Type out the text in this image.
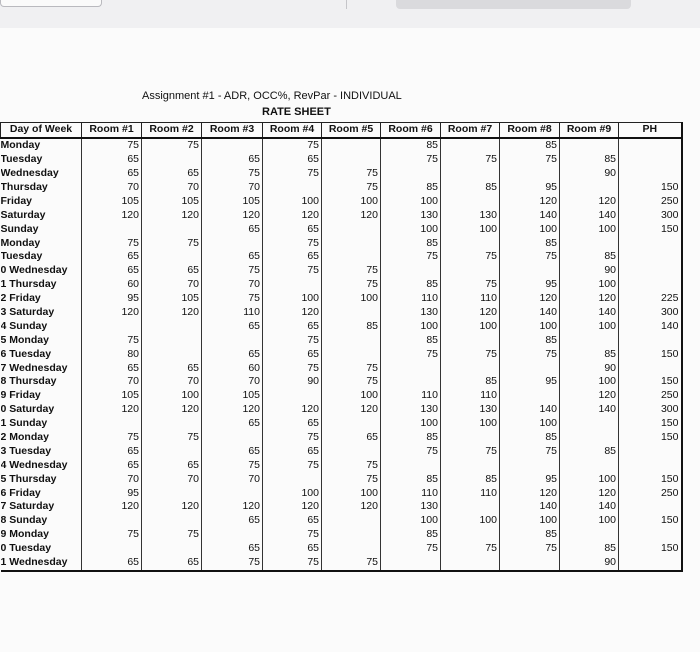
Assignment #1 - ADR, OCC%, RevPar - INDIVIDUAL
RATE SHEET
Day of Week	Room #1	Room #2	Room #3	Room #4	Room #5	Room #6	Room #7	Room #8	Room #9	PH
Monday	75	75		75		85		85		
Tuesday	65		65	65		75	75	75	85	
Wednesday	65	65	75	75	75				90	
Thursday	70	70	70		75	85	85	95		150
Friday	105	105	105	100	100	100		120	120	250
Saturday	120	120	120	120	120	130	130	140	140	300
Sunday			65	65		100	100	100	100	150
Monday	75	75		75		85		85		
Tuesday	65		65	65		75	75	75	85	
0 Wednesday	65	65	75	75	75				90	
1 Thursday	60	70	70		75	85	75	95	100	
2 Friday	95	105	75	100	100	110	110	120	120	225
3 Saturday	120	120	110	120		130	120	140	140	300
4 Sunday			65	65	85	100	100	100	100	140
5 Monday	75			75		85		85		
6 Tuesday	80		65	65		75	75	75	85	150
7 Wednesday	65	65	60	75	75				90	
8 Thursday	70	70	70	90	75		85	95	100	150
9 Friday	105	100	105		100	110	110		120	250
0 Saturday	120	120	120	120	120	130	130	140	140	300
1 Sunday			65	65		100	100	100		150
2 Monday	75	75		75	65	85		85		150
3 Tuesday	65		65	65		75	75	75	85	
4 Wednesday	65	65	75	75	75					
5 Thursday	70	70	70		75	85	85	95	100	150
6 Friday	95			100	100	110	110	120	120	250
7 Saturday	120	120	120	120	120	130		140	140	
8 Sunday			65	65		100	100	100	100	150
9 Monday	75	75		75		85		85		
0 Tuesday			65	65		75	75	75	85	150
1 Wednesday	65	65	75	75	75				90	
